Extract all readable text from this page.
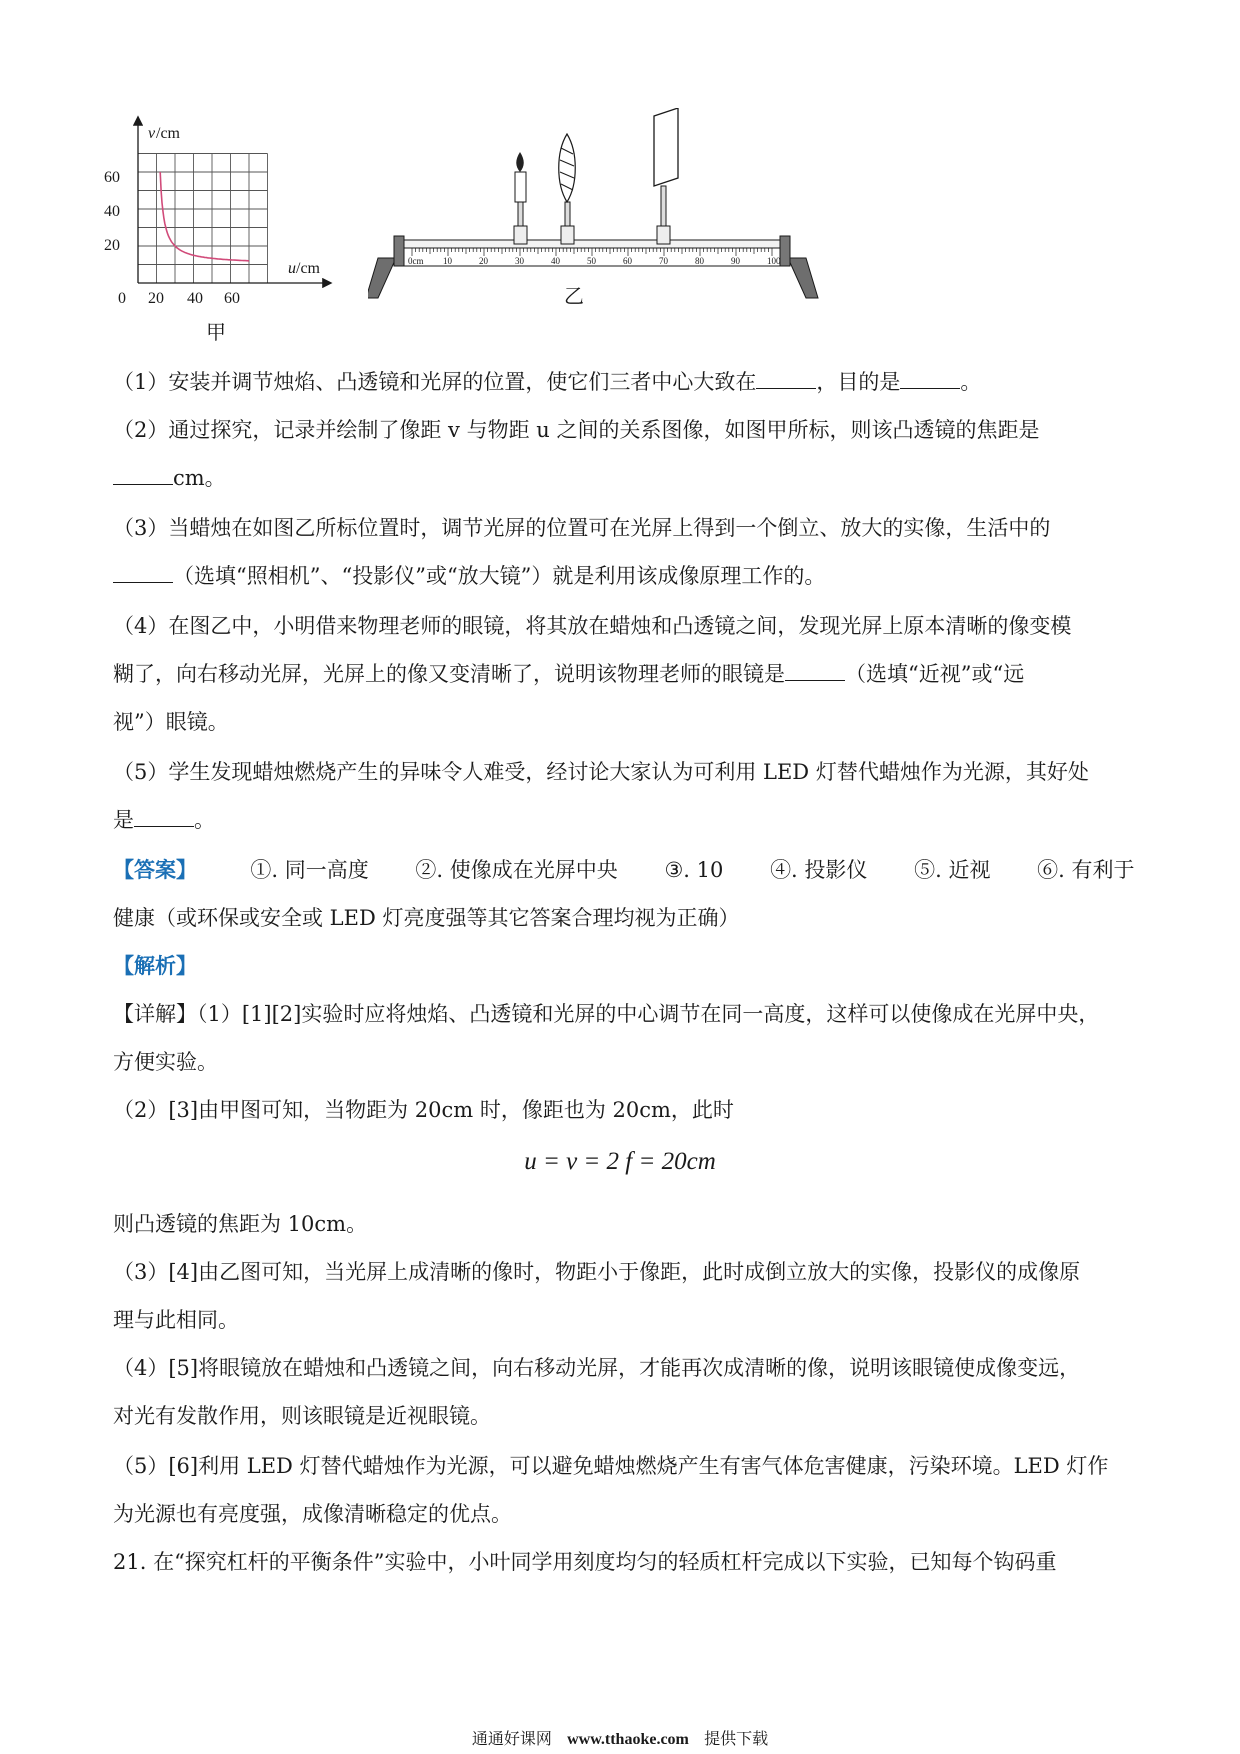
v /cm
u /cm
0 20 40 60
20
40
60
甲
0cm 10	20	30	40	50	60	70	80	90	100
乙

（1）安装并调节烛焰、凸透镜和光屏的位置，使它们三者中心大致在	，目的是	。

（2）通过探究，记录并绘制了像距 v 与物距 u 之间的关系图像，如图甲所标，则该凸透镜的焦距是
cm。

（3）当蜡烛在如图乙所标位置时，调节光屏的位置可在光屏上得到一个倒立、放大的实像，生活中的
（选填“照相机”、“投影仪”或“放大镜”）就是利用该成像原理工作的。

（4）在图乙中，小明借来物理老师的眼镜，将其放在蜡烛和凸透镜之间，发现光屏上原本清晰的像变模
糊了，向右移动光屏，光屏上的像又变清晰了，说明该物理老师的眼镜是	（选填“近视”或“远
视”）眼镜。

（5）学生发现蜡烛燃烧产生的异味令人难受，经讨论大家认为可利用 LED 灯替代蜡烛作为光源，其好处
是	。

【答案】	①. 同一高度 ②. 使像成在光屏中央 ③. 10 ④. 投影仪 ⑤. 近视 ⑥. 有利于
健康（或环保或安全或 LED 灯亮度强等其它答案合理均视为正确）

【解析】

【详解】（1）[1][2]实验时应将烛焰、凸透镜和光屏的中心调节在同一高度，这样可以使像成在光屏中央，
方便实验。

（2）[3]由甲图可知，当物距为 20cm 时，像距也为 20cm，此时

u = v = 2 f = 20cm

则凸透镜的焦距为 10cm。

（3）[4]由乙图可知，当光屏上成清晰的像时，物距小于像距，此时成倒立放大的实像，投影仪的成像原
理与此相同。

（4）[5]将眼镜放在蜡烛和凸透镜之间，向右移动光屏，才能再次成清晰的像，说明该眼镜使成像变远，
对光有发散作用，则该眼镜是近视眼镜。

（5）[6]利用 LED 灯替代蜡烛作为光源，可以避免蜡烛燃烧产生有害气体危害健康，污染环境。LED 灯作
为光源也有亮度强，成像清晰稳定的优点。

21. 在“探究杠杆的平衡条件”实验中，小叶同学用刻度均匀的轻质杠杆完成以下实验，已知每个钩码重

通通好课网 www.tthaoke.com 提供下载
